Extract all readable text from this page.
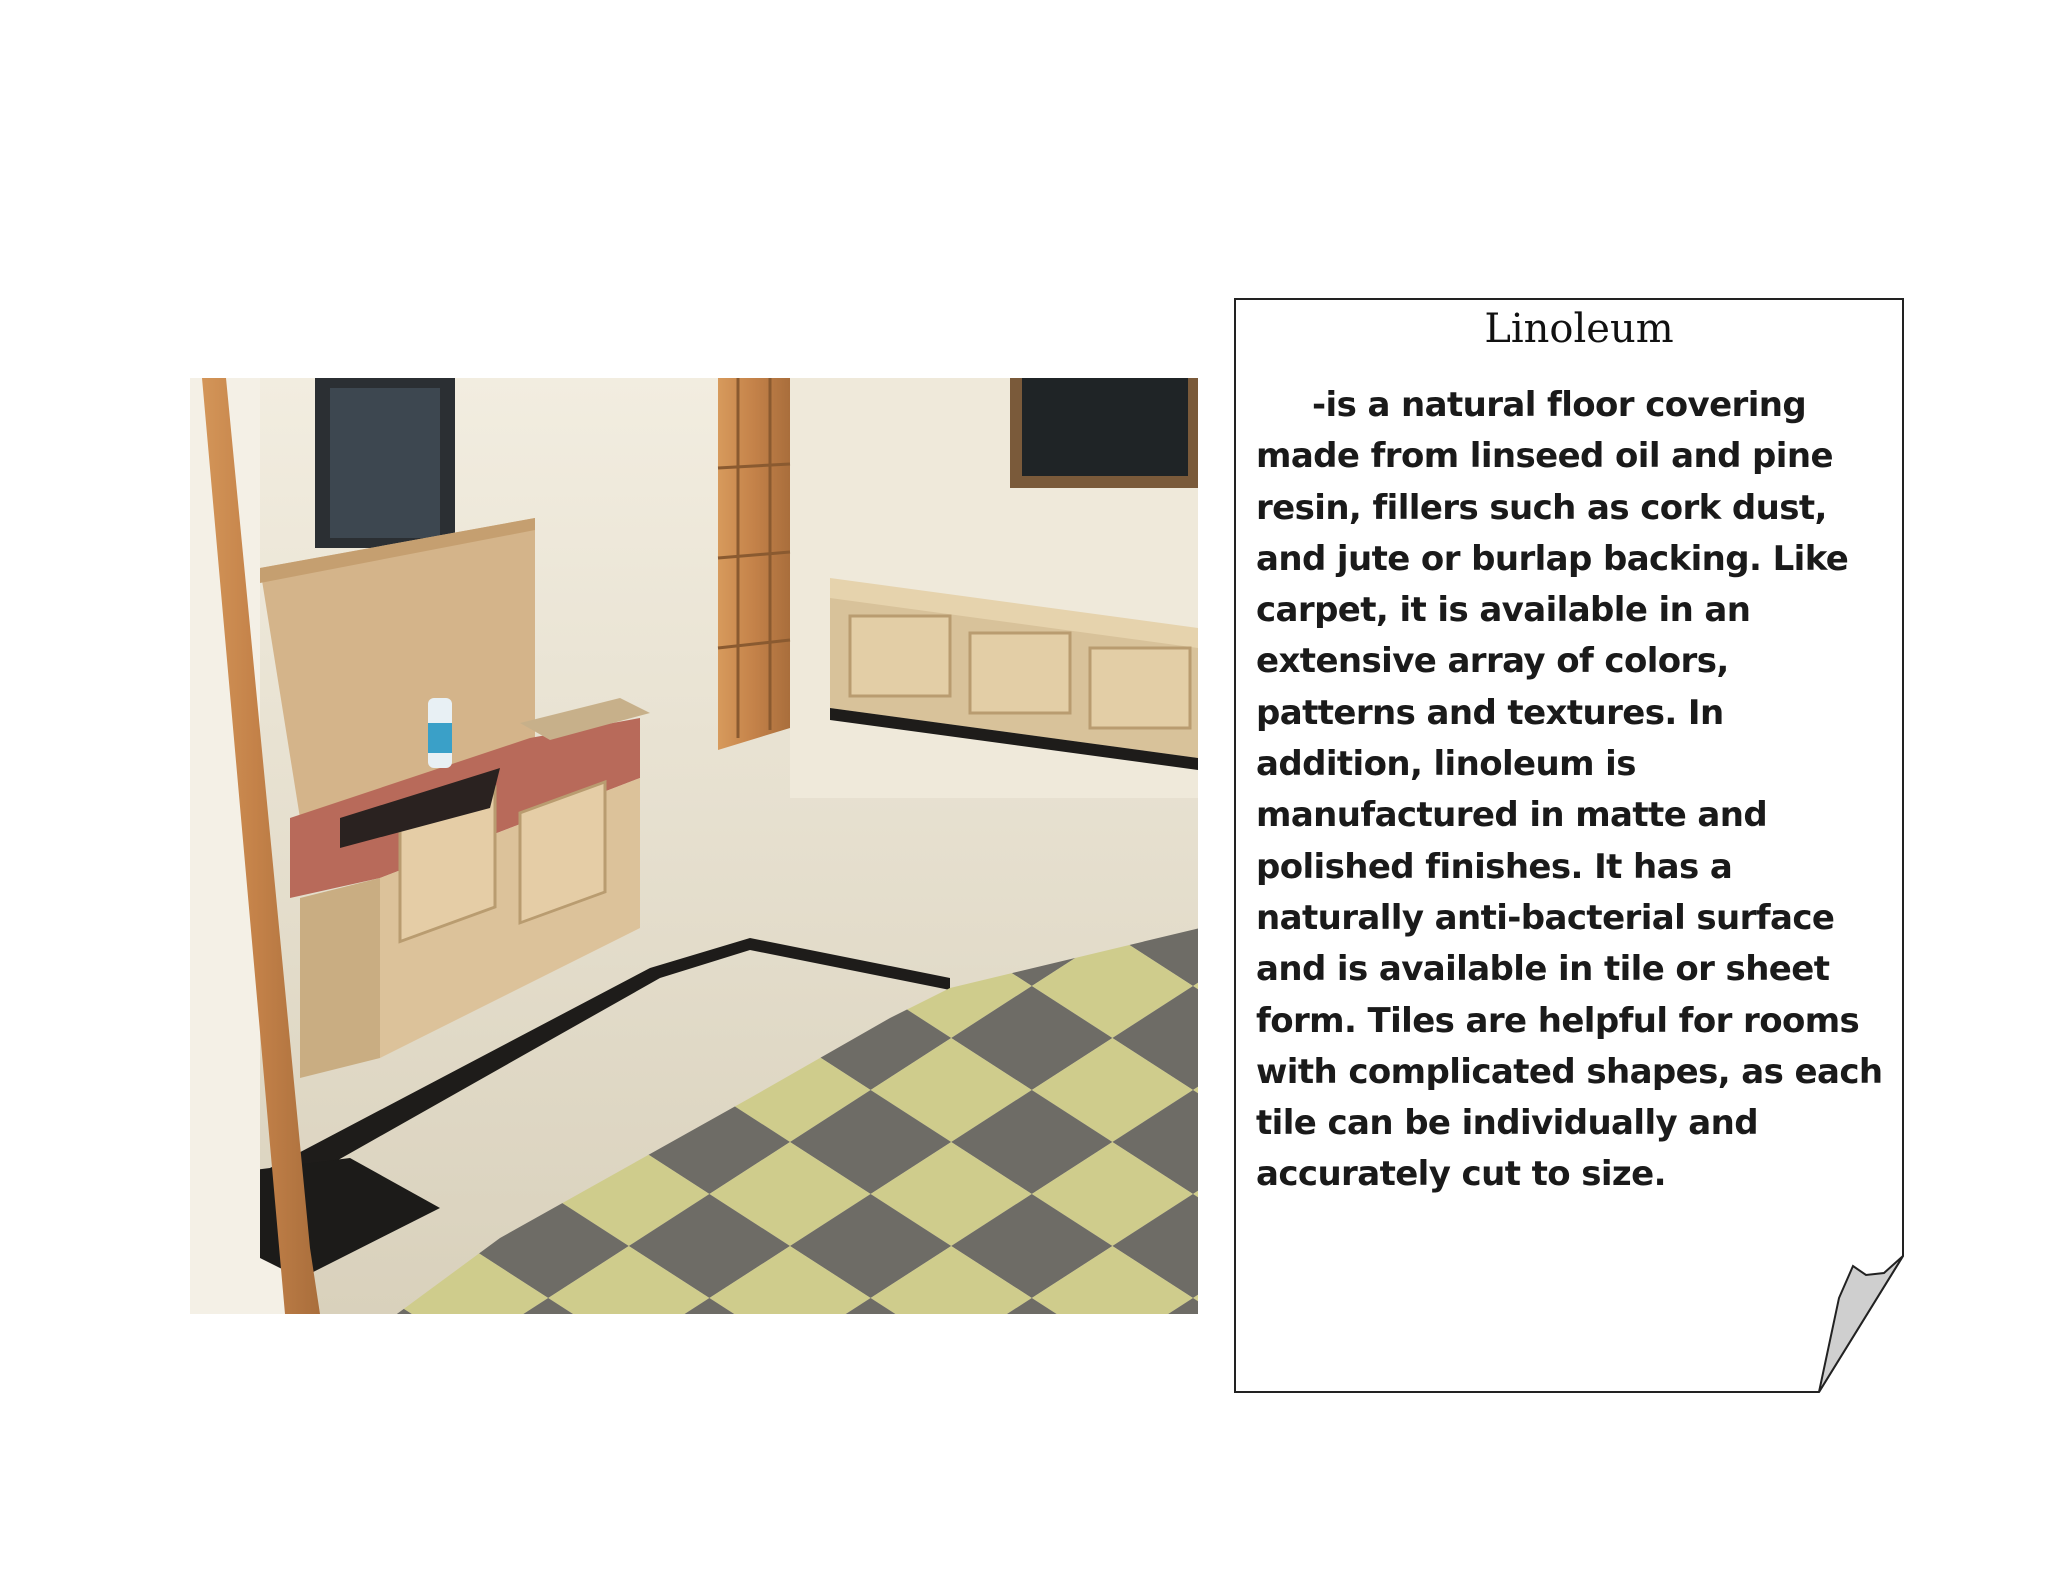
Linoleum
-is a natural floor covering made from linseed oil and pine resin, fillers such as cork dust, and jute or burlap backing. Like carpet, it is available in an extensive array of colors, patterns and textures. In addition, linoleum is manufactured in matte and polished finishes. It has a naturally anti-bacterial surface and is available in tile or sheet form. Tiles are helpful for rooms with complicated shapes, as each tile can be individually and accurately cut to size.
